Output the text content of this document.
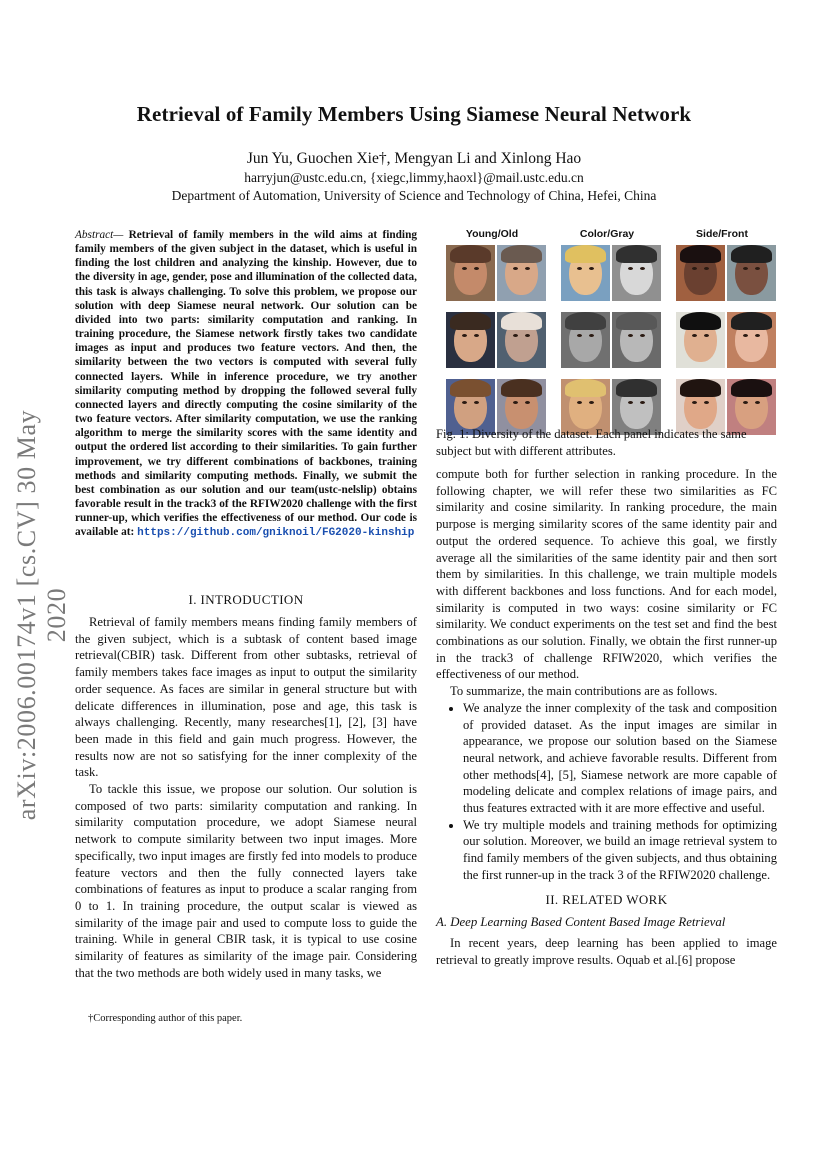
Retrieval of Family Members Using Siamese Neural Network
Jun Yu, Guochen Xie†, Mengyan Li and Xinlong Hao
harryjun@ustc.edu.cn, {xiegc,limmy,haoxl}@mail.ustc.edu.cn
Department of Automation, University of Science and Technology of China, Hefei, China
arXiv:2006.00174v1 [cs.CV] 30 May 2020
Abstract— Retrieval of family members in the wild aims at finding family members of the given subject in the dataset, which is useful in finding the lost children and analyzing the kinship. However, due to the diversity in age, gender, pose and illumination of the collected data, this task is always challenging. To solve this problem, we propose our solution with deep Siamese neural network. Our solution can be divided into two parts: similarity computation and ranking. In training procedure, the Siamese network firstly takes two candidate images as input and produces two feature vectors. And then, the similarity between the two vectors is computed with several fully connected layers. While in inference procedure, we try another similarity computing method by dropping the followed several fully connected layers and directly computing the cosine similarity of the two feature vectors. After similarity computation, we use the ranking algorithm to merge the similarity scores with the same identity and output the ordered list according to their similarities. To gain further improvement, we try different combinations of backbones, training methods and similarity computing methods. Finally, we submit the best combination as our solution and our team(ustc-nelslip) obtains favorable result in the track3 of the RFIW2020 challenge with the first runner-up, which verifies the effectiveness of our method. Our code is available at: https://github.com/gniknoil/FG2020-kinship
I. INTRODUCTION

Retrieval of family members means finding family members of the given subject, which is a subtask of content based image retrieval(CBIR) task. Different from other subtasks, retrieval of family members takes face images as input to output the similarity order sequence. As faces are similar in general structure but with delicate differences in illumination, pose and age, this task is always challenging. Recently, many researches[1], [2], [3] have been made in this field and gain much progress. However, the results now are not so satisfying for the inner complexity of the task.

To tackle this issue, we propose our solution. Our solution is composed of two parts: similarity computation and ranking. In similarity computation procedure, we adopt Siamese neural network to compute similarity between two input images. More specifically, two input images are firstly fed into models to produce feature vectors and then the fully connected layers take combinations of features as input to produce a scalar ranging from 0 to 1. In training procedure, the output scalar is viewed as similarity of the image pair and used to compute loss to guide the training. While in general CBIR task, it is typical to use cosine similarity of features as similarity of the image pair. Considering that the two methods are both widely used in many tasks, we

†Corresponding author of this paper.
Young/Old	Color/Gray	Side/Front
Fig. 1: Diversity of the dataset. Each panel indicates the same subject but with different attributes.

compute both for further selection in ranking procedure. In the following chapter, we will refer these two similarities as FC similarity and cosine similarity. In ranking procedure, the main purpose is merging similarity scores of the same identity pair and output the ordered sequence. To achieve this goal, we firstly average all the similarities of the same identity pair and then sort them by similarities. In this challenge, we train multiple models with different backbones and loss functions. And for each model, similarity is computed in two ways: cosine similarity or FC similarity. We conduct experiments on the test set and find the best combinations as our solution. Finally, we obtain the first runner-up in the track3 of challenge RFIW2020, which verifies the effectiveness of our method.

To summarize, the main contributions are as follows.

• We analyze the inner complexity of the task and composition of provided dataset. As the input images are similar in appearance, we propose our solution based on the Siamese neural network, and achieve favorable results. Different from other methods[4], [5], Siamese network are more capable of modeling delicate and complex relations of image pairs, and thus features extracted with it are more effective and useful.
• We try multiple models and training methods for optimizing our solution. Moreover, we build an image retrieval system to find family members of the given subjects, and thus obtaining the first runner-up in the track 3 of the RFIW2020 challenge.
II. RELATED WORK
A. Deep Learning Based Content Based Image Retrieval

In recent years, deep learning has been applied to image retrieval to greatly improve results. Oquab et al.[6] propose
